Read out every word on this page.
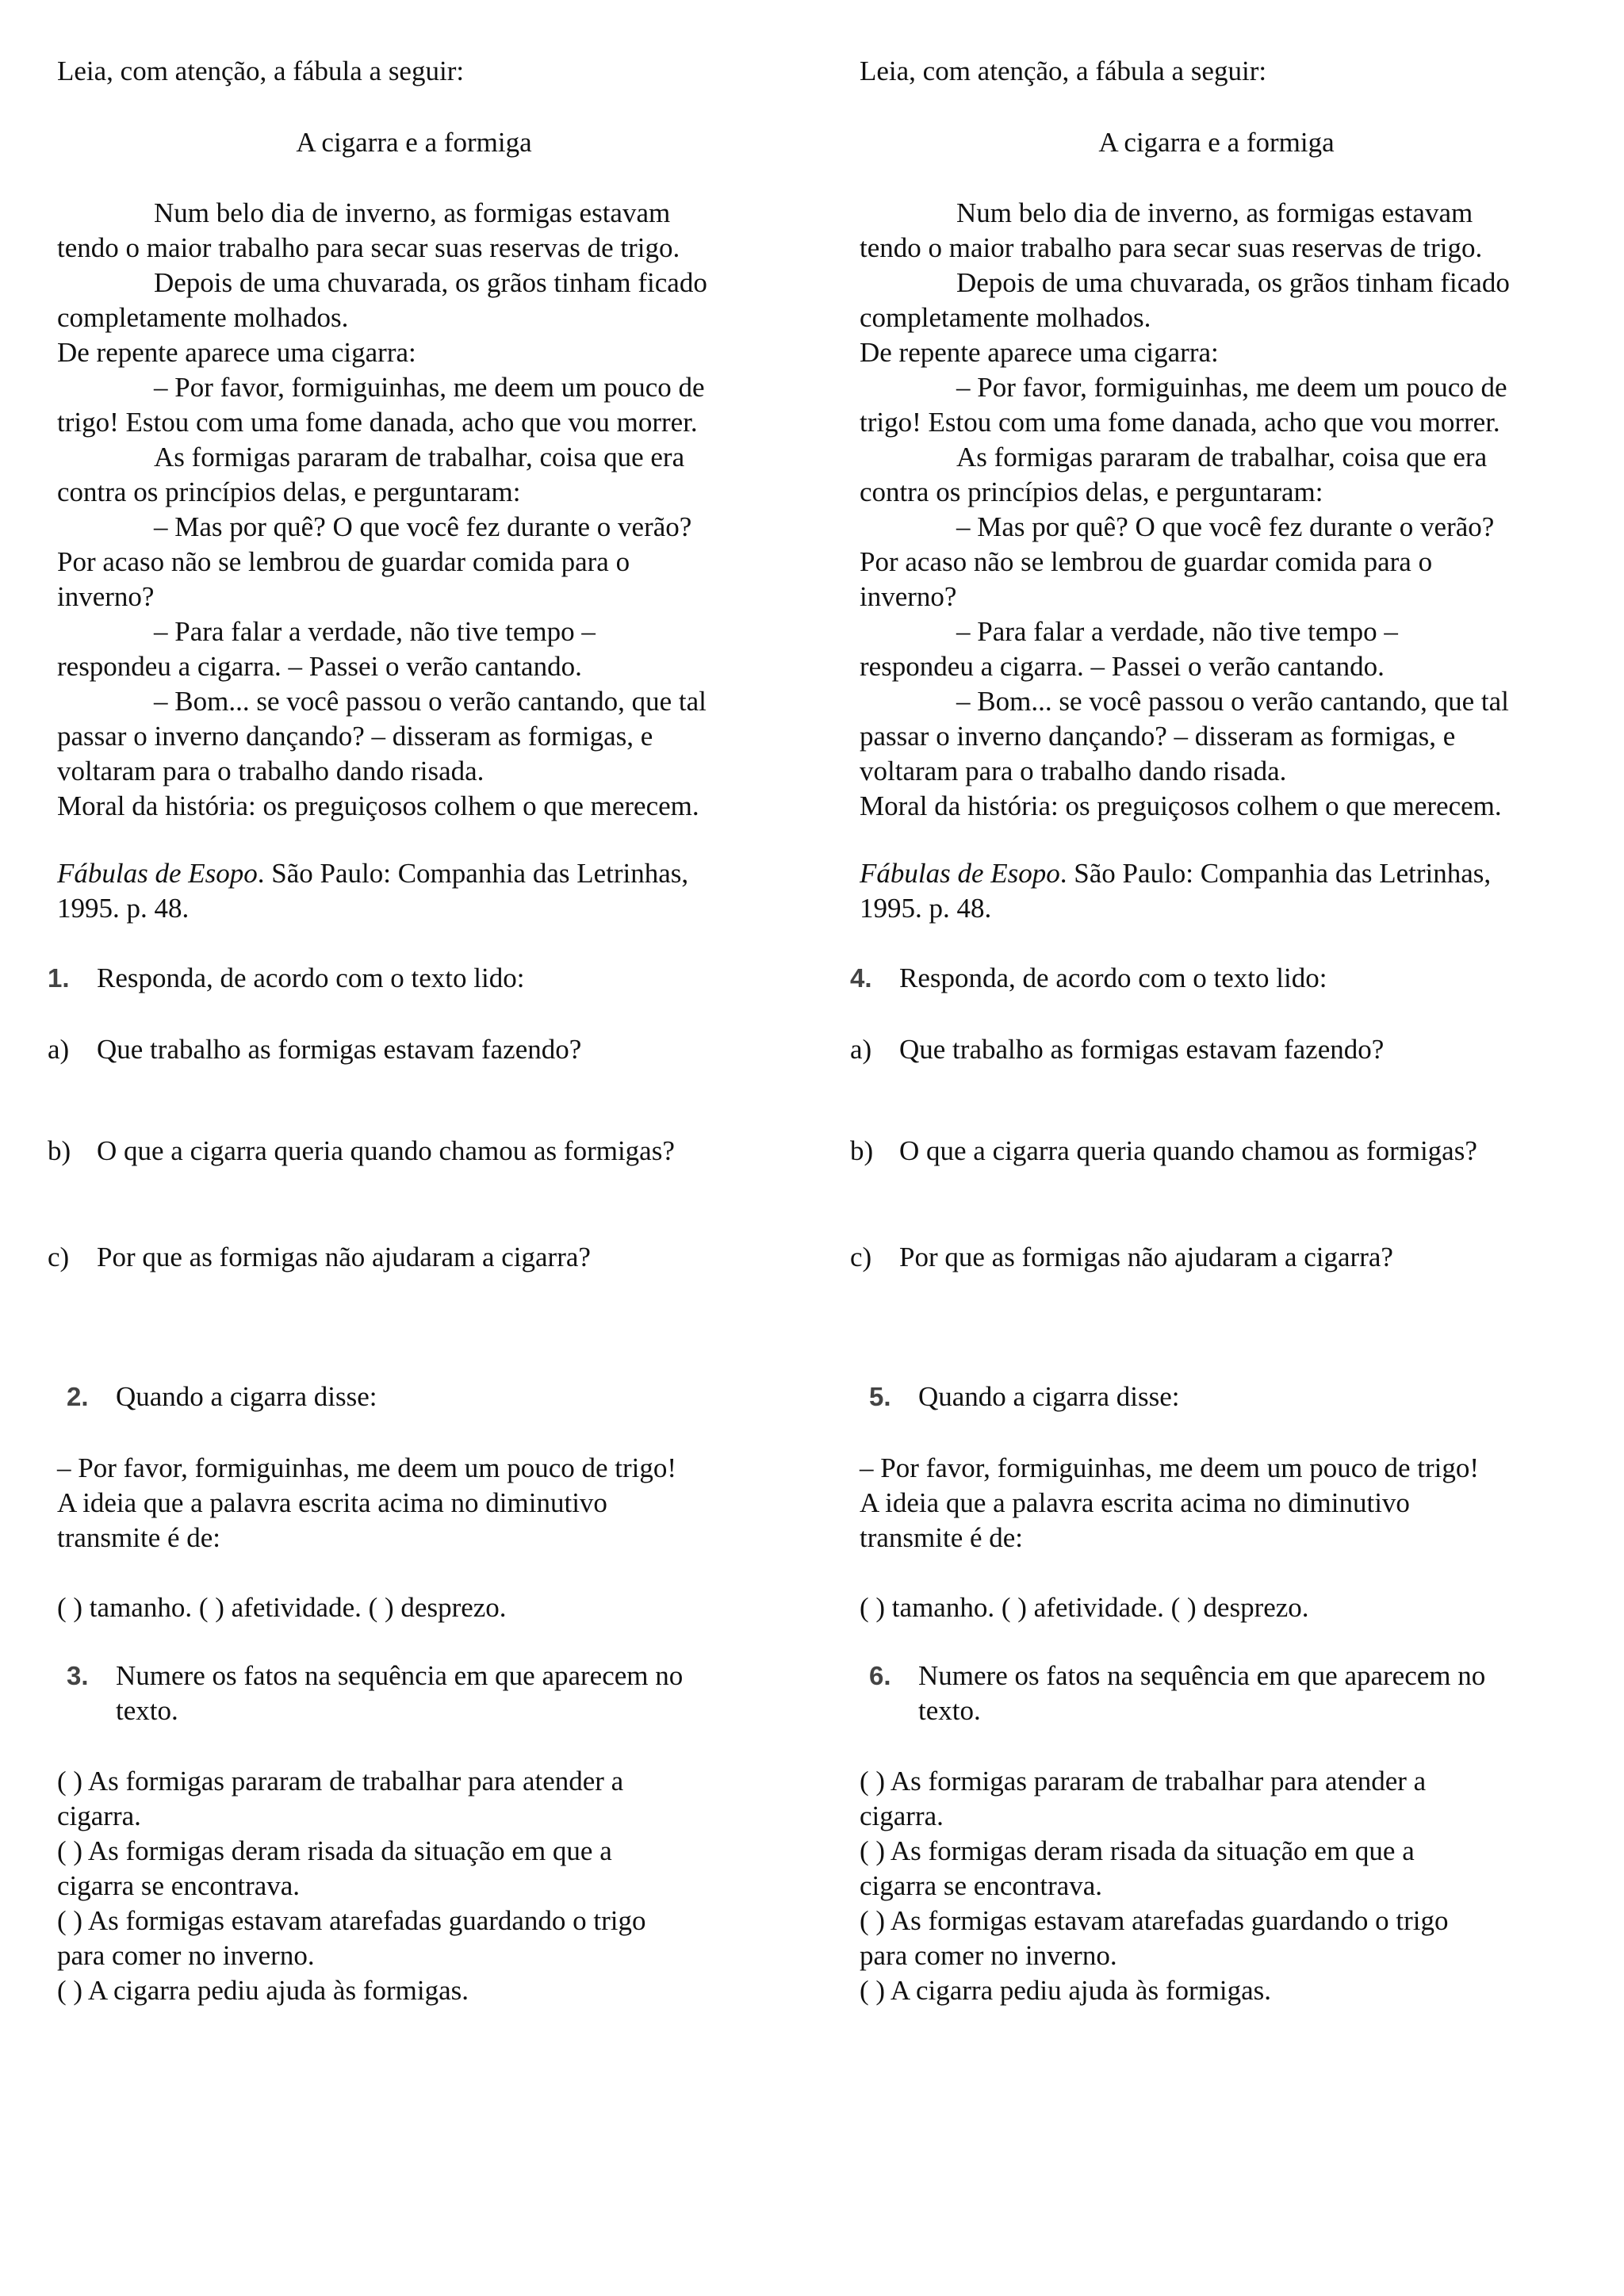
Leia, com atenção, a fábula a seguir:
A cigarra e a formiga
Num belo dia de inverno, as formigas estavam
tendo o maior trabalho para secar suas reservas de trigo.
Depois de uma chuvarada, os grãos tinham ficado
completamente molhados.
De repente aparece uma cigarra:
– Por favor, formiguinhas, me deem um pouco de
trigo! Estou com uma fome danada, acho que vou morrer.
As formigas pararam de trabalhar, coisa que era
contra os princípios delas, e perguntaram:
– Mas por quê? O que você fez durante o verão?
Por acaso não se lembrou de guardar comida para o
inverno?
– Para falar a verdade, não tive tempo –
respondeu a cigarra. – Passei o verão cantando.
– Bom... se você passou o verão cantando, que tal
passar o inverno dançando? – disseram as formigas, e
voltaram para o trabalho dando risada.
Moral da história: os preguiçosos colhem o que merecem.
Fábulas de Esopo. São Paulo: Companhia das Letrinhas,
1995. p. 48.
1. Responda, de acordo com o texto lido:
a) Que trabalho as formigas estavam fazendo?
b) O que a cigarra queria quando chamou as formigas?
c) Por que as formigas não ajudaram a cigarra?
2. Quando a cigarra disse:
– Por favor, formiguinhas, me deem um pouco de trigo!
A ideia que a palavra escrita acima no diminutivo
transmite é de:
( ) tamanho. ( ) afetividade. ( ) desprezo.
3. Numere os fatos na sequência em que aparecem no
texto.
( ) As formigas pararam de trabalhar para atender a
cigarra.
( ) As formigas deram risada da situação em que a
cigarra se encontrava.
( ) As formigas estavam atarefadas guardando o trigo
para comer no inverno.
( ) A cigarra pediu ajuda às formigas.
Leia, com atenção, a fábula a seguir:
A cigarra e a formiga
Num belo dia de inverno, as formigas estavam
tendo o maior trabalho para secar suas reservas de trigo.
Depois de uma chuvarada, os grãos tinham ficado
completamente molhados.
De repente aparece uma cigarra:
– Por favor, formiguinhas, me deem um pouco de
trigo! Estou com uma fome danada, acho que vou morrer.
As formigas pararam de trabalhar, coisa que era
contra os princípios delas, e perguntaram:
– Mas por quê? O que você fez durante o verão?
Por acaso não se lembrou de guardar comida para o
inverno?
– Para falar a verdade, não tive tempo –
respondeu a cigarra. – Passei o verão cantando.
– Bom... se você passou o verão cantando, que tal
passar o inverno dançando? – disseram as formigas, e
voltaram para o trabalho dando risada.
Moral da história: os preguiçosos colhem o que merecem.
Fábulas de Esopo. São Paulo: Companhia das Letrinhas,
1995. p. 48.
4. Responda, de acordo com o texto lido:
a) Que trabalho as formigas estavam fazendo?
b) O que a cigarra queria quando chamou as formigas?
c) Por que as formigas não ajudaram a cigarra?
5. Quando a cigarra disse:
– Por favor, formiguinhas, me deem um pouco de trigo!
A ideia que a palavra escrita acima no diminutivo
transmite é de:
( ) tamanho. ( ) afetividade. ( ) desprezo.
6. Numere os fatos na sequência em que aparecem no
texto.
( ) As formigas pararam de trabalhar para atender a
cigarra.
( ) As formigas deram risada da situação em que a
cigarra se encontrava.
( ) As formigas estavam atarefadas guardando o trigo
para comer no inverno.
( ) A cigarra pediu ajuda às formigas.
